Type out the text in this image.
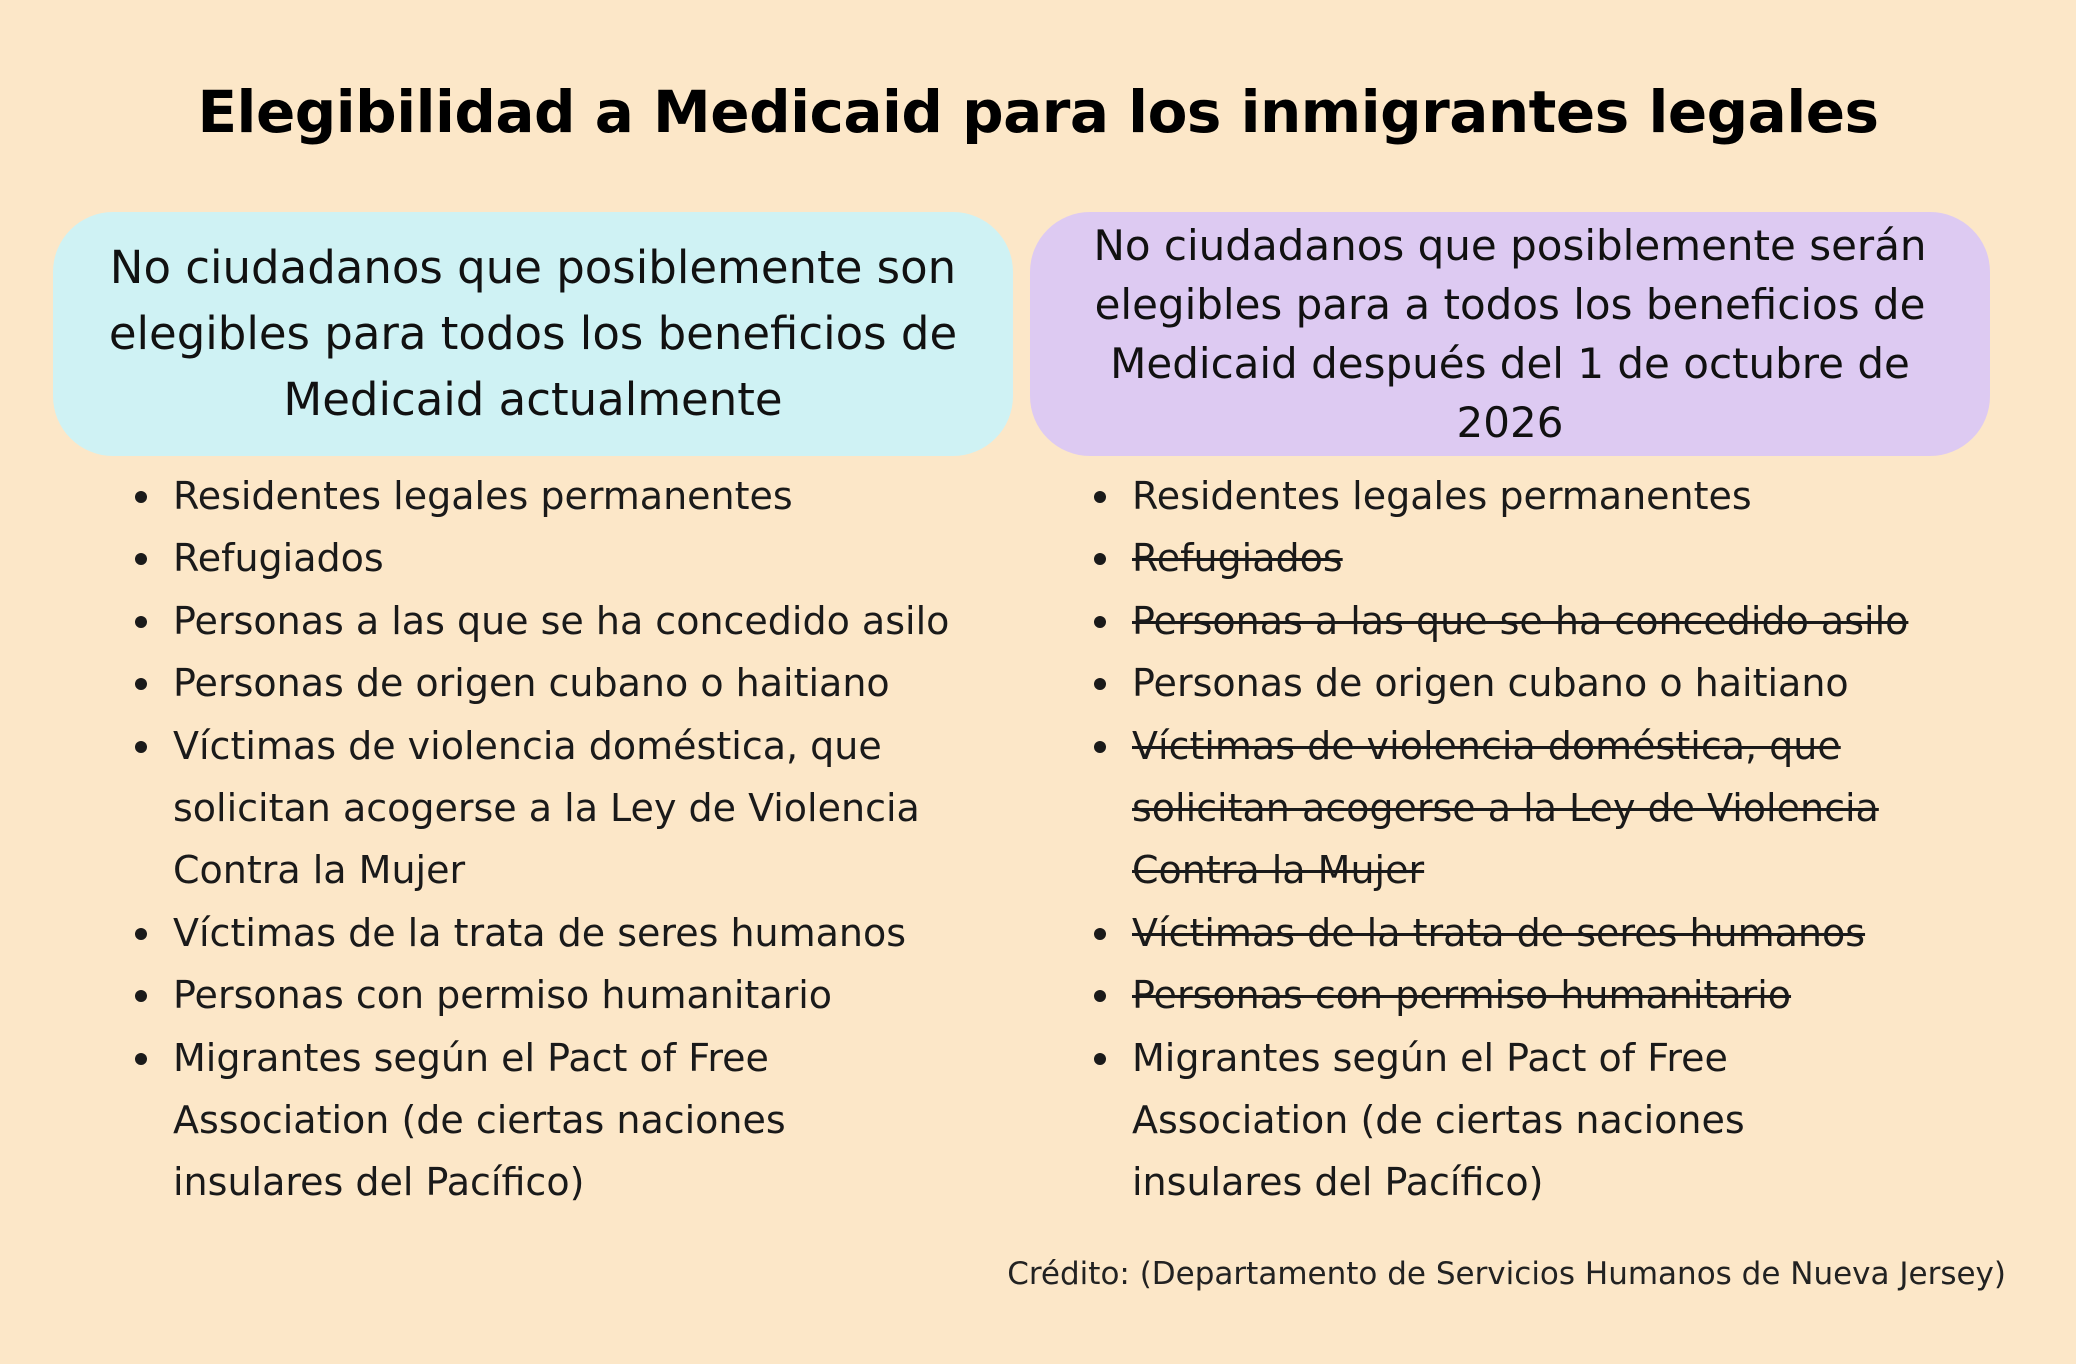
Elegibilidad a Medicaid para los inmigrantes legales
No ciudadanos que posiblemente son elegibles para todos los beneficios de Medicaid actualmente
Residentes legales permanentes
Refugiados
Personas a las que se ha concedido asilo
Personas de origen cubano o haitiano
Víctimas de violencia doméstica, que solicitan acogerse a la Ley de Violencia Contra la Mujer
Víctimas de la trata de seres humanos
Personas con permiso humanitario
Migrantes según el Pact of Free Association (de ciertas naciones insulares del Pacífico)
No ciudadanos que posiblemente serán elegibles para a todos los beneficios de Medicaid después del 1 de octubre de 2026
Residentes legales permanentes
Refugiados
Personas a las que se ha concedido asilo
Personas de origen cubano o haitiano
Víctimas de violencia doméstica, que solicitan acogerse a la Ley de Violencia Contra la Mujer
Víctimas de la trata de seres humanos
Personas con permiso humanitario
Migrantes según el Pact of Free Association (de ciertas naciones insulares del Pacífico)
Crédito: (Departamento de Servicios Humanos de Nueva Jersey)
